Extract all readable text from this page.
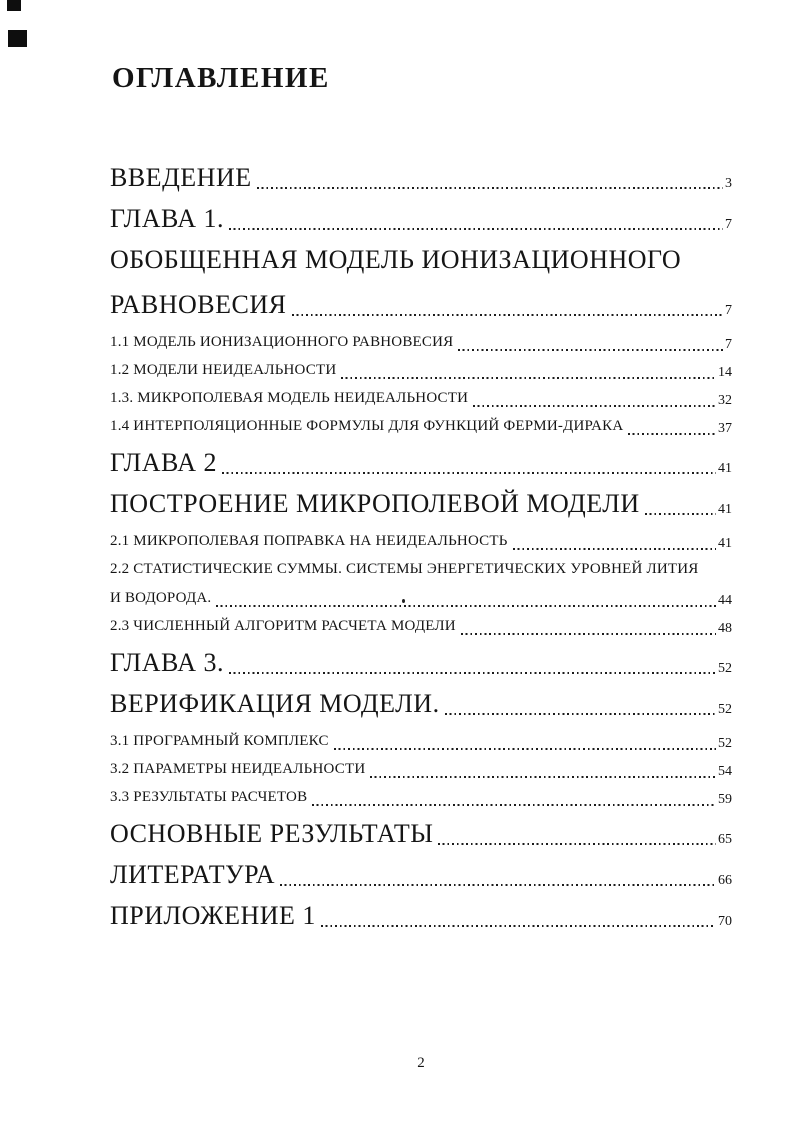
ОГЛАВЛЕНИЕ
ВВЕДЕНИЕ	3
ГЛАВА 1.	7
ОБОБЩЕННАЯ МОДЕЛЬ ИОНИЗАЦИОННОГО
РАВНОВЕСИЯ	7
1.1 МОДЕЛЬ ИОНИЗАЦИОННОГО РАВНОВЕСИЯ	7
1.2 МОДЕЛИ НЕИДЕАЛЬНОСТИ	14
1.3. МИКРОПОЛЕВАЯ МОДЕЛЬ НЕИДЕАЛЬНОСТИ	32
1.4 ИНТЕРПОЛЯЦИОННЫЕ ФОРМУЛЫ ДЛЯ ФУНКЦИЙ ФЕРМИ-ДИРАКА	37
ГЛАВА 2	41
ПОСТРОЕНИЕ МИКРОПОЛЕВОЙ МОДЕЛИ	41
2.1 МИКРОПОЛЕВАЯ ПОПРАВКА НА НЕИДЕАЛЬНОСТЬ	41
2.2 СТАТИСТИЧЕСКИЕ СУММЫ. СИСТЕМЫ ЭНЕРГЕТИЧЕСКИХ УРОВНЕЙ ЛИТИЯ
И ВОДОРОДА.	44
2.3 ЧИСЛЕННЫЙ АЛГОРИТМ РАСЧЕТА МОДЕЛИ	48
ГЛАВА 3.	52
ВЕРИФИКАЦИЯ МОДЕЛИ.	52
3.1 ПРОГРАМНЫЙ КОМПЛЕКС	52
3.2 ПАРАМЕТРЫ НЕИДЕАЛЬНОСТИ	54
3.3 РЕЗУЛЬТАТЫ РАСЧЕТОВ	59
ОСНОВНЫЕ РЕЗУЛЬТАТЫ	65
ЛИТЕРАТУРА	66
ПРИЛОЖЕНИЕ 1	70
2
